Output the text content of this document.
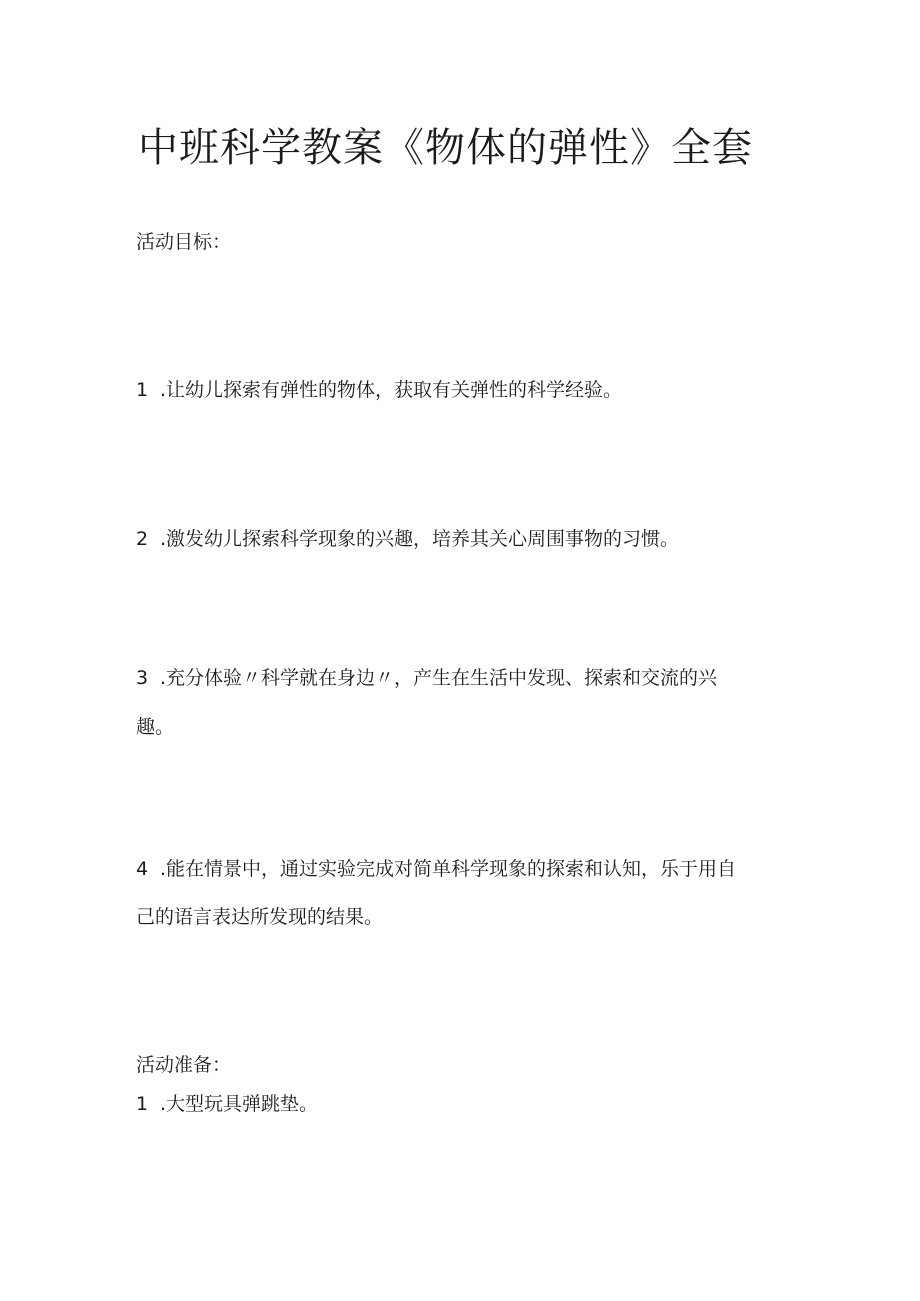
中班科学教案《物体的弹性》全套

活动目标：

1 .让幼儿探索有弹性的物体，获取有关弹性的科学经验。

2 .激发幼儿探索科学现象的兴趣，培养其关心周围事物的习惯。

3 .充分体验〃科学就在身边〃，产生在生活中发现、探索和交流的兴

趣。

4 .能在情景中，通过实验完成对简单科学现象的探索和认知，乐于用自

己的语言表达所发现的结果。

活动准备：

1 .大型玩具弹跳垫。
